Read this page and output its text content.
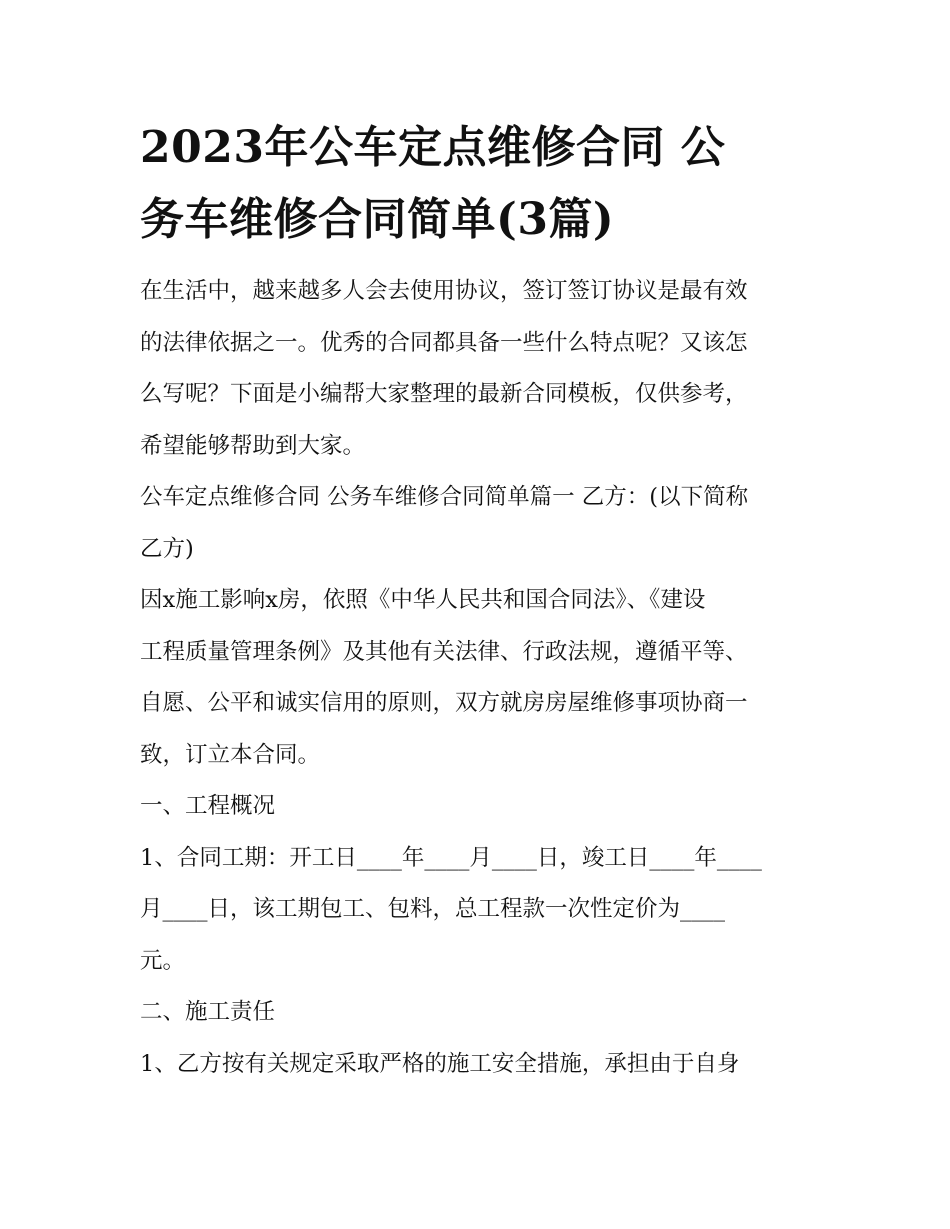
2023年公车定点维修合同 公
务车维修合同简单(3篇)

在生活中，越来越多人会去使用协议，签订签订协议是最有效
的法律依据之一。优秀的合同都具备一些什么特点呢？又该怎
么写呢？下面是小编帮大家整理的最新合同模板，仅供参考，
希望能够帮助到大家。

公车定点维修合同 公务车维修合同简单篇一 乙方：(以下简称
乙方)

因x施工影响x房，依照《中华人民共和国合同法》、《建设
工程质量管理条例》及其他有关法律、行政法规，遵循平等、
自愿、公平和诚实信用的原则，双方就房房屋维修事项协商一
致，订立本合同。

一、工程概况

1、合同工期：开工日____年____月____日，竣工日____年____
月____日，该工期包工、包料，总工程款一次性定价为____
元。

二、施工责任

1、乙方按有关规定采取严格的施工安全措施，承担由于自身
